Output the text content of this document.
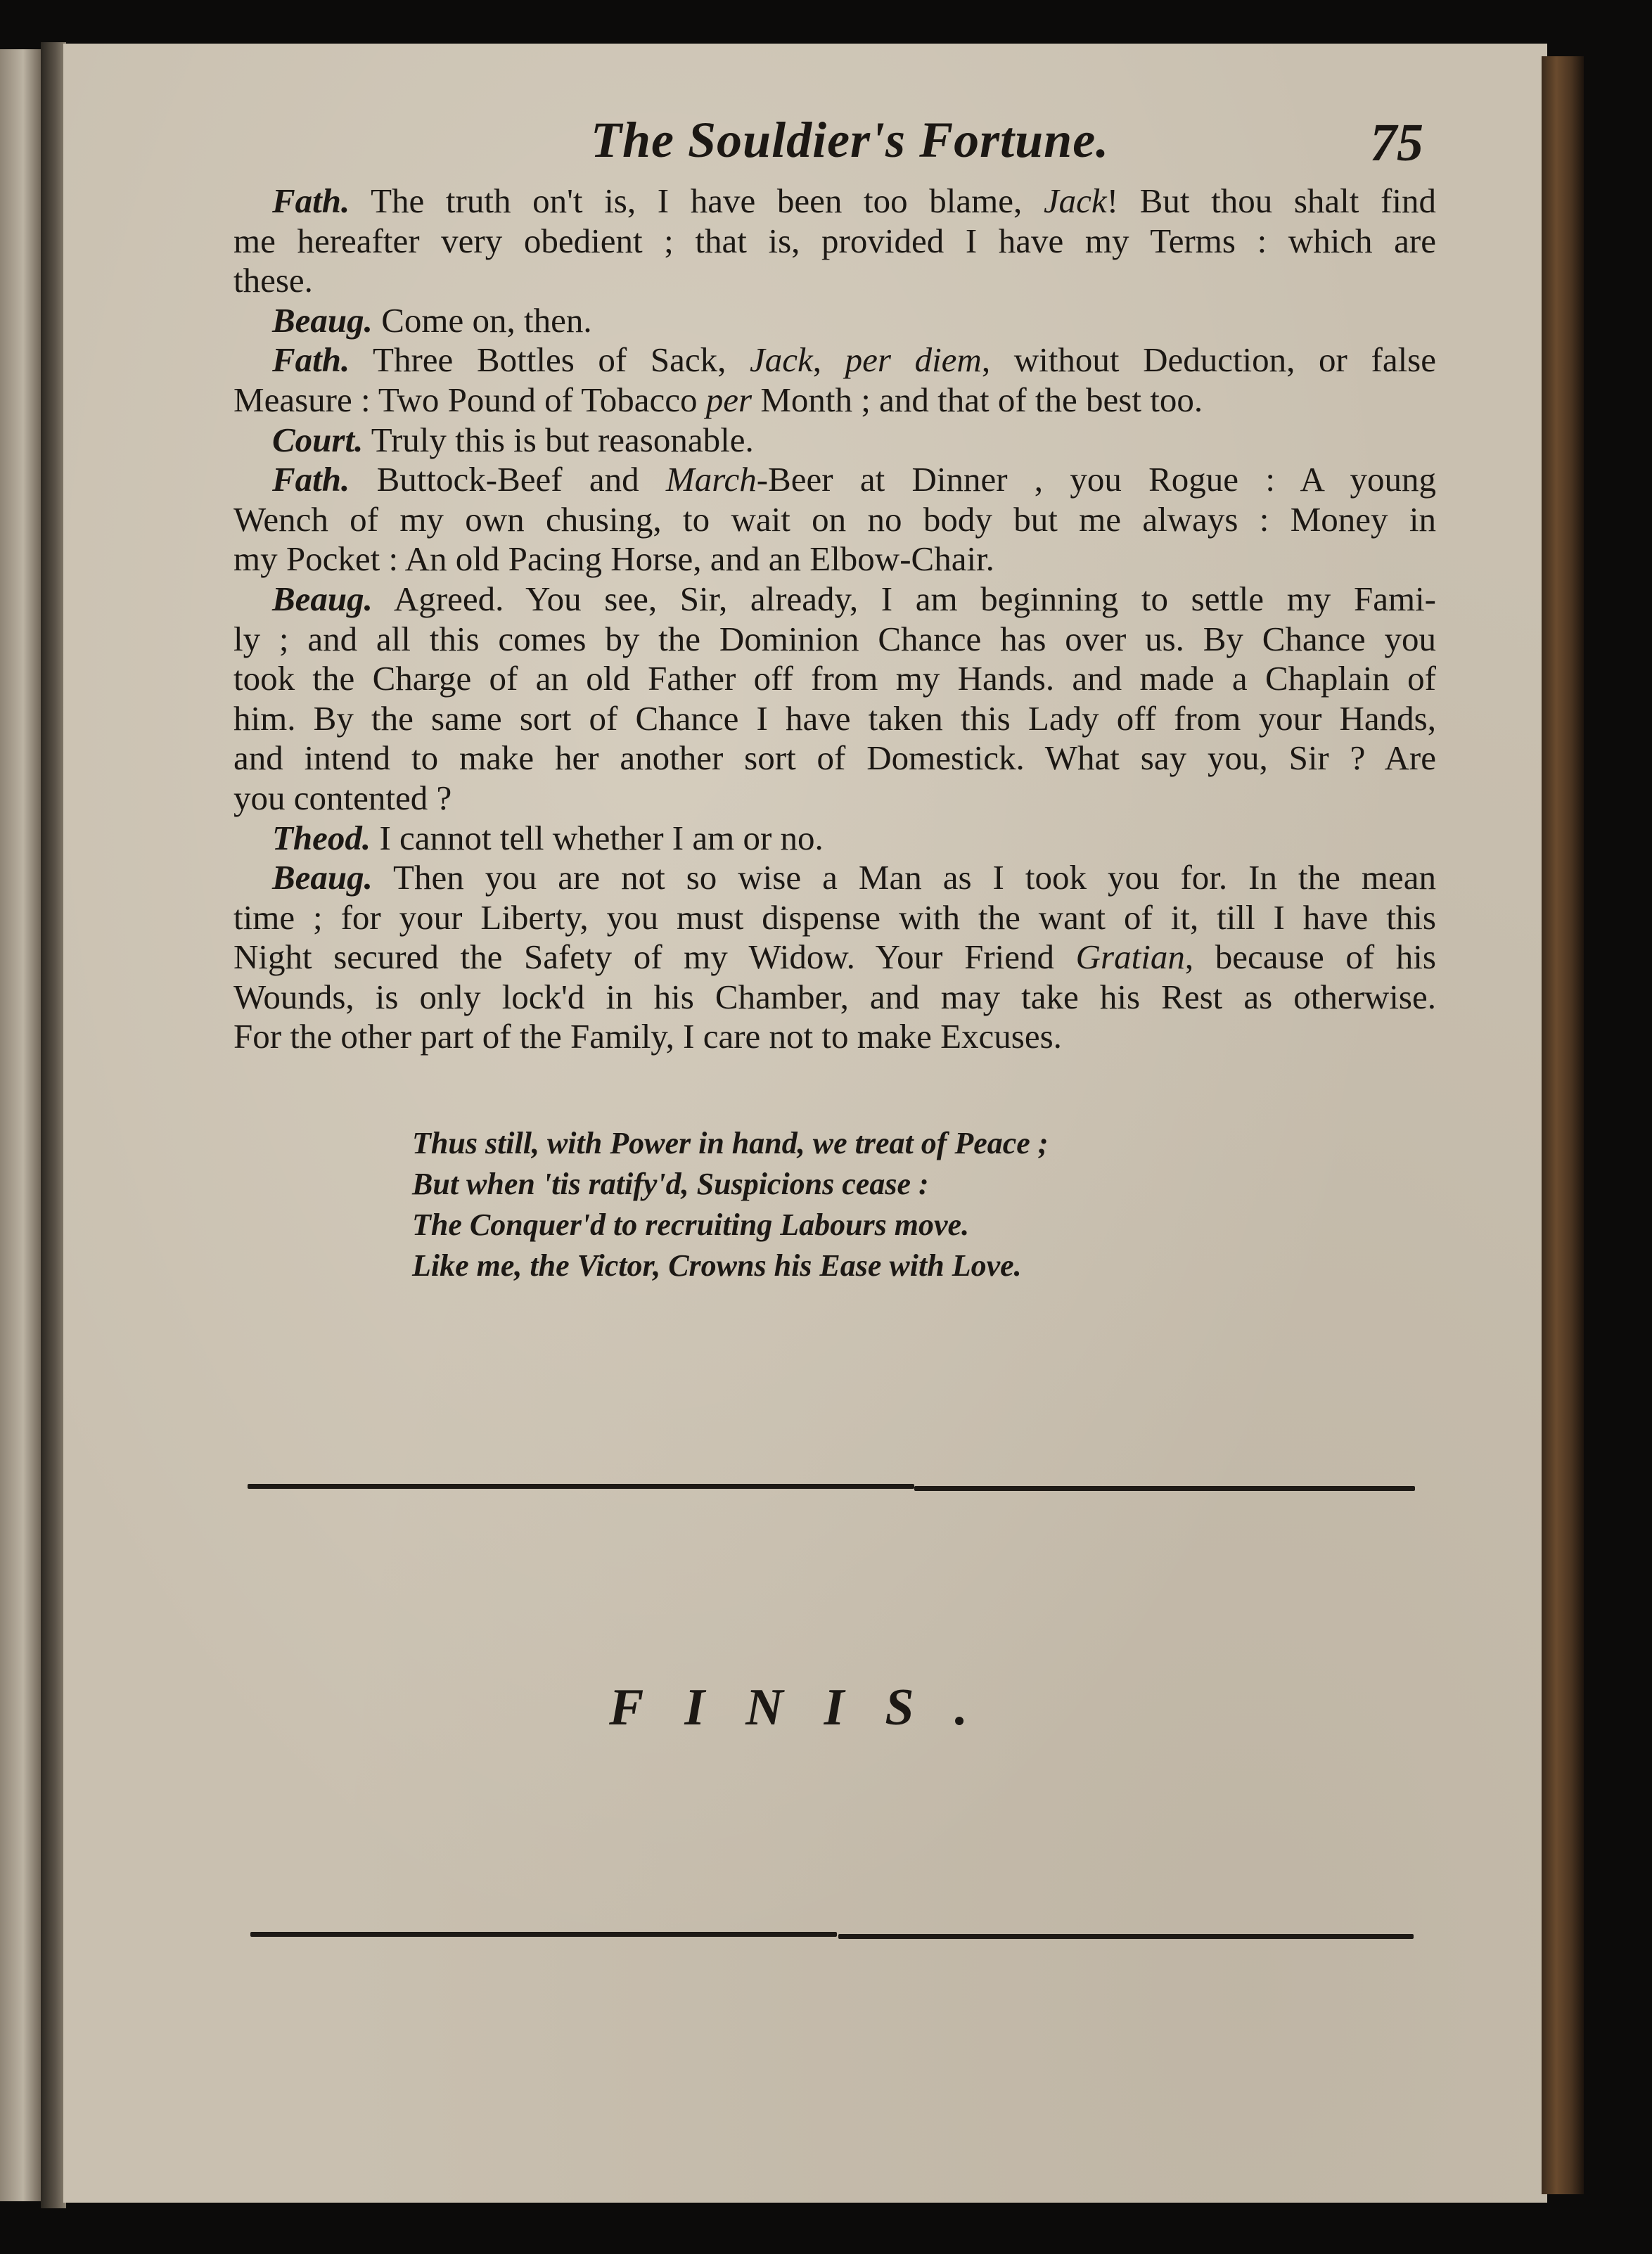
The Souldier's Fortune.	75
Fath. The truth on't is, I have been too blame, Jack! But thou shalt find
me hereafter very obedient ; that is, provided I have my Terms : which are
these.
Beaug. Come on, then.
Fath. Three Bottles of Sack, Jack, per diem, without Deduction, or false
Measure : Two Pound of Tobacco per Month ; and that of the best too.
Court. Truly this is but reasonable.
Fath. Buttock-Beef and March-Beer at Dinner , you Rogue : A young
Wench of my own chusing, to wait on no body but me always : Money in
my Pocket : An old Pacing Horse, and an Elbow-Chair.
Beaug. Agreed. You see, Sir, already, I am beginning to settle my Fami-
ly ; and all this comes by the Dominion Chance has over us. By Chance you
took the Charge of an old Father off from my Hands. and made a Chaplain of
him. By the same sort of Chance I have taken this Lady off from your Hands,
and intend to make her another sort of Domestick. What say you, Sir ? Are
you contented ?
Theod. I cannot tell whether I am or no.
Beaug. Then you are not so wise a Man as I took you for. In the mean
time ; for your Liberty, you must dispense with the want of it, till I have this
Night secured the Safety of my Widow. Your Friend Gratian, because of his
Wounds, is only lock'd in his Chamber, and may take his Rest as otherwise.
For the other part of the Family, I care not to make Excuses.
Thus still, with Power in hand, we treat of Peace ;
But when 'tis ratify'd, Suspicions cease :
The Conquer'd to recruiting Labours move.
Like me, the Victor, Crowns his Ease with Love.
FINIS.
